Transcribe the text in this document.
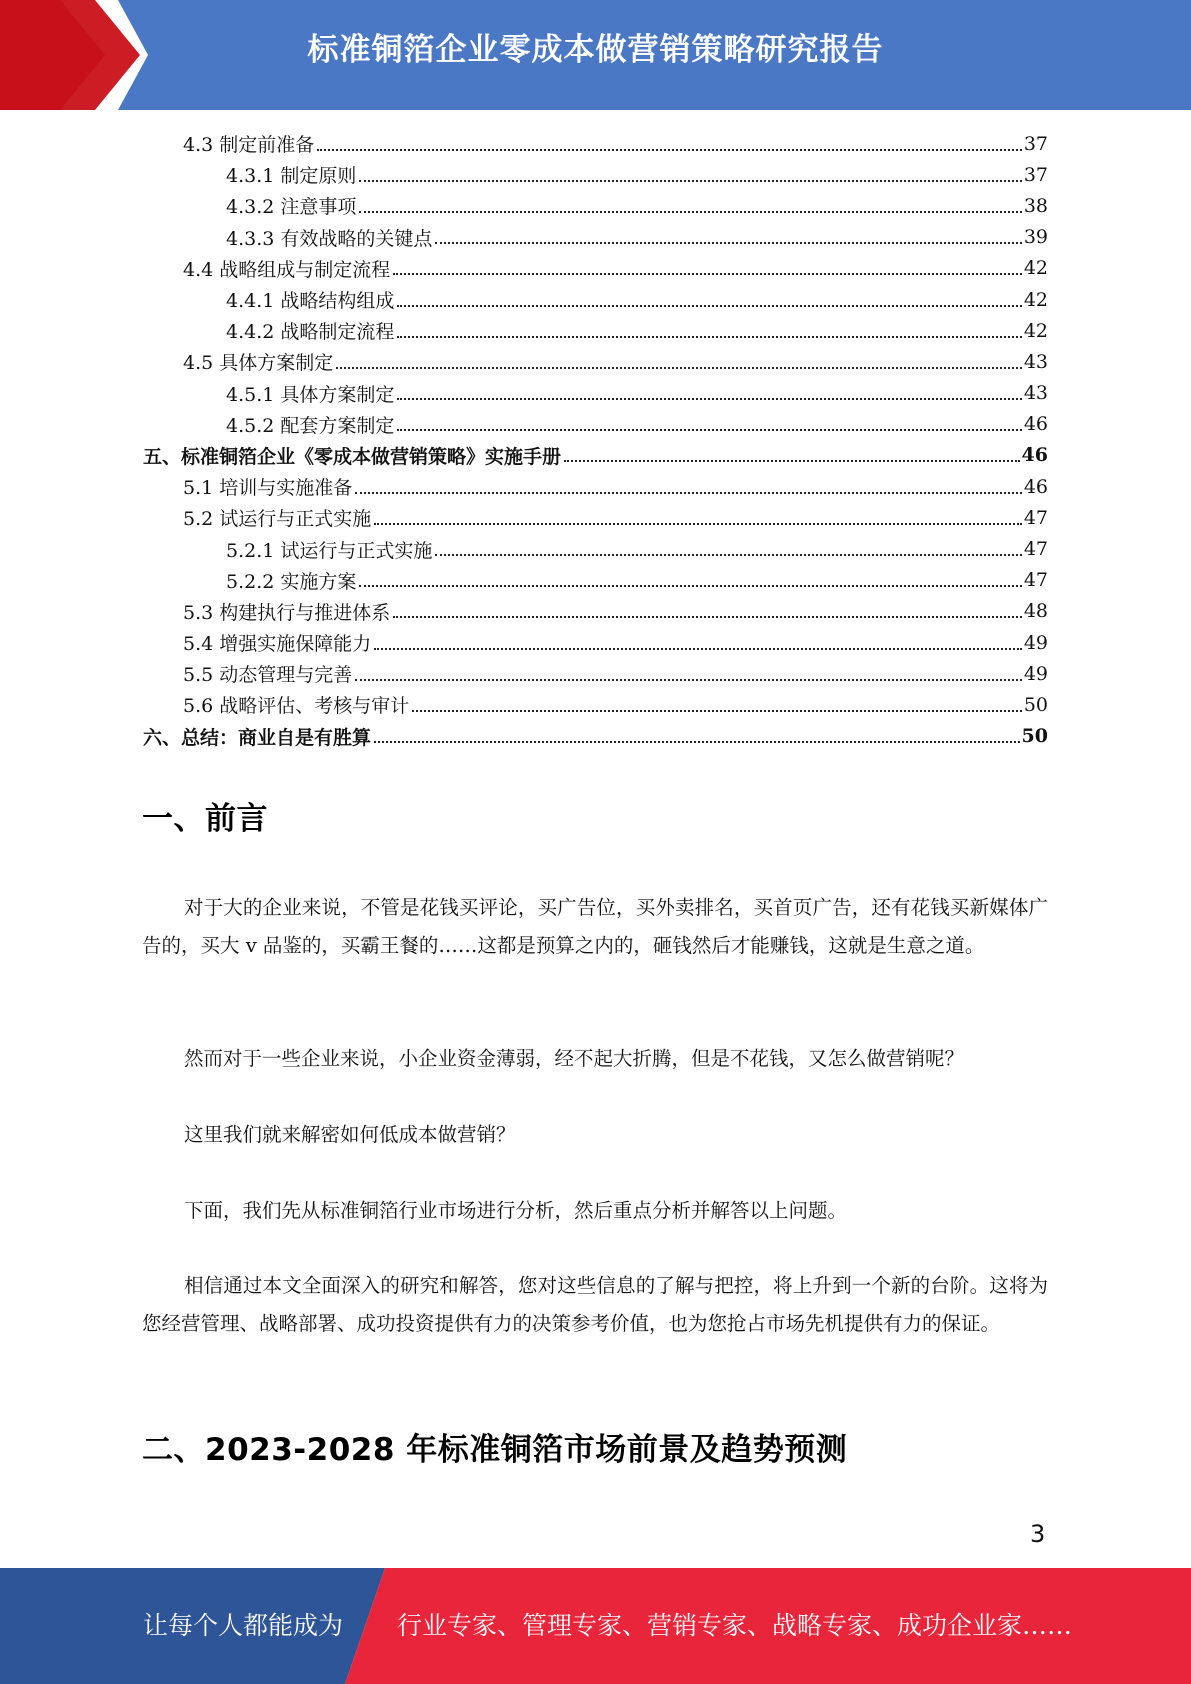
标准铜箔企业零成本做营销策略研究报告
4.3 制定前准备	37
4.3.1 制定原则	37
4.3.2 注意事项	38
4.3.3 有效战略的关键点	39
4.4 战略组成与制定流程	42
4.4.1 战略结构组成	42
4.4.2 战略制定流程	42
4.5 具体方案制定	43
4.5.1 具体方案制定	43
4.5.2 配套方案制定	46
五、标准铜箔企业《零成本做营销策略》实施手册	46
5.1 培训与实施准备	46
5.2 试运行与正式实施	47
5.2.1 试运行与正式实施	47
5.2.2 实施方案	47
5.3 构建执行与推进体系	48
5.4 增强实施保障能力	49
5.5 动态管理与完善	49
5.6 战略评估、考核与审计	50
六、总结：商业自是有胜算	50
一、前言

对于大的企业来说，不管是花钱买评论，买广告位，买外卖排名，买首页广告，还有花钱买新媒体广告的，买大 v 品鉴的，买霸王餐的……这都是预算之内的，砸钱然后才能赚钱，这就是生意之道。

然而对于一些企业来说，小企业资金薄弱，经不起大折腾，但是不花钱，又怎么做营销呢？

这里我们就来解密如何低成本做营销？

下面，我们先从标准铜箔行业市场进行分析，然后重点分析并解答以上问题。

相信通过本文全面深入的研究和解答，您对这些信息的了解与把控，将上升到一个新的台阶。这将为您经营管理、战略部署、成功投资提供有力的决策参考价值，也为您抢占市场先机提供有力的保证。

二、2023-2028 年标准铜箔市场前景及趋势预测
3
让每个人都能成为 行业专家、管理专家、营销专家、战略专家、成功企业家……
